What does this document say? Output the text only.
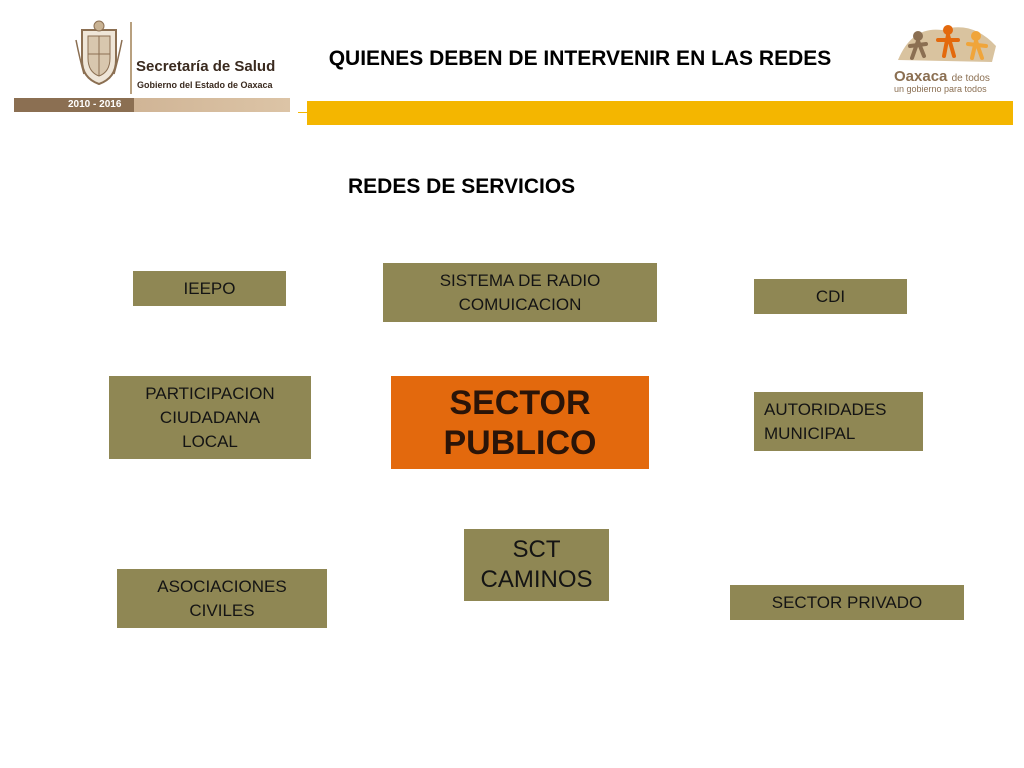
Secretaría de Salud
Gobierno del Estado de Oaxaca
2010 - 2016
QUIENES DEBEN DE INTERVENIR EN LAS REDES
Oaxaca de todos
un gobierno para todos
REDES DE SERVICIOS
IEEPO	SISTEMA DE RADIO
COMUICACION	CDI
PARTICIPACION
CIUDADANA
LOCAL
SECTOR
PUBLICO
AUTORIDADES
MUNICIPAL
SCT
CAMINOS
ASOCIACIONES
CIVILES	SECTOR PRIVADO
